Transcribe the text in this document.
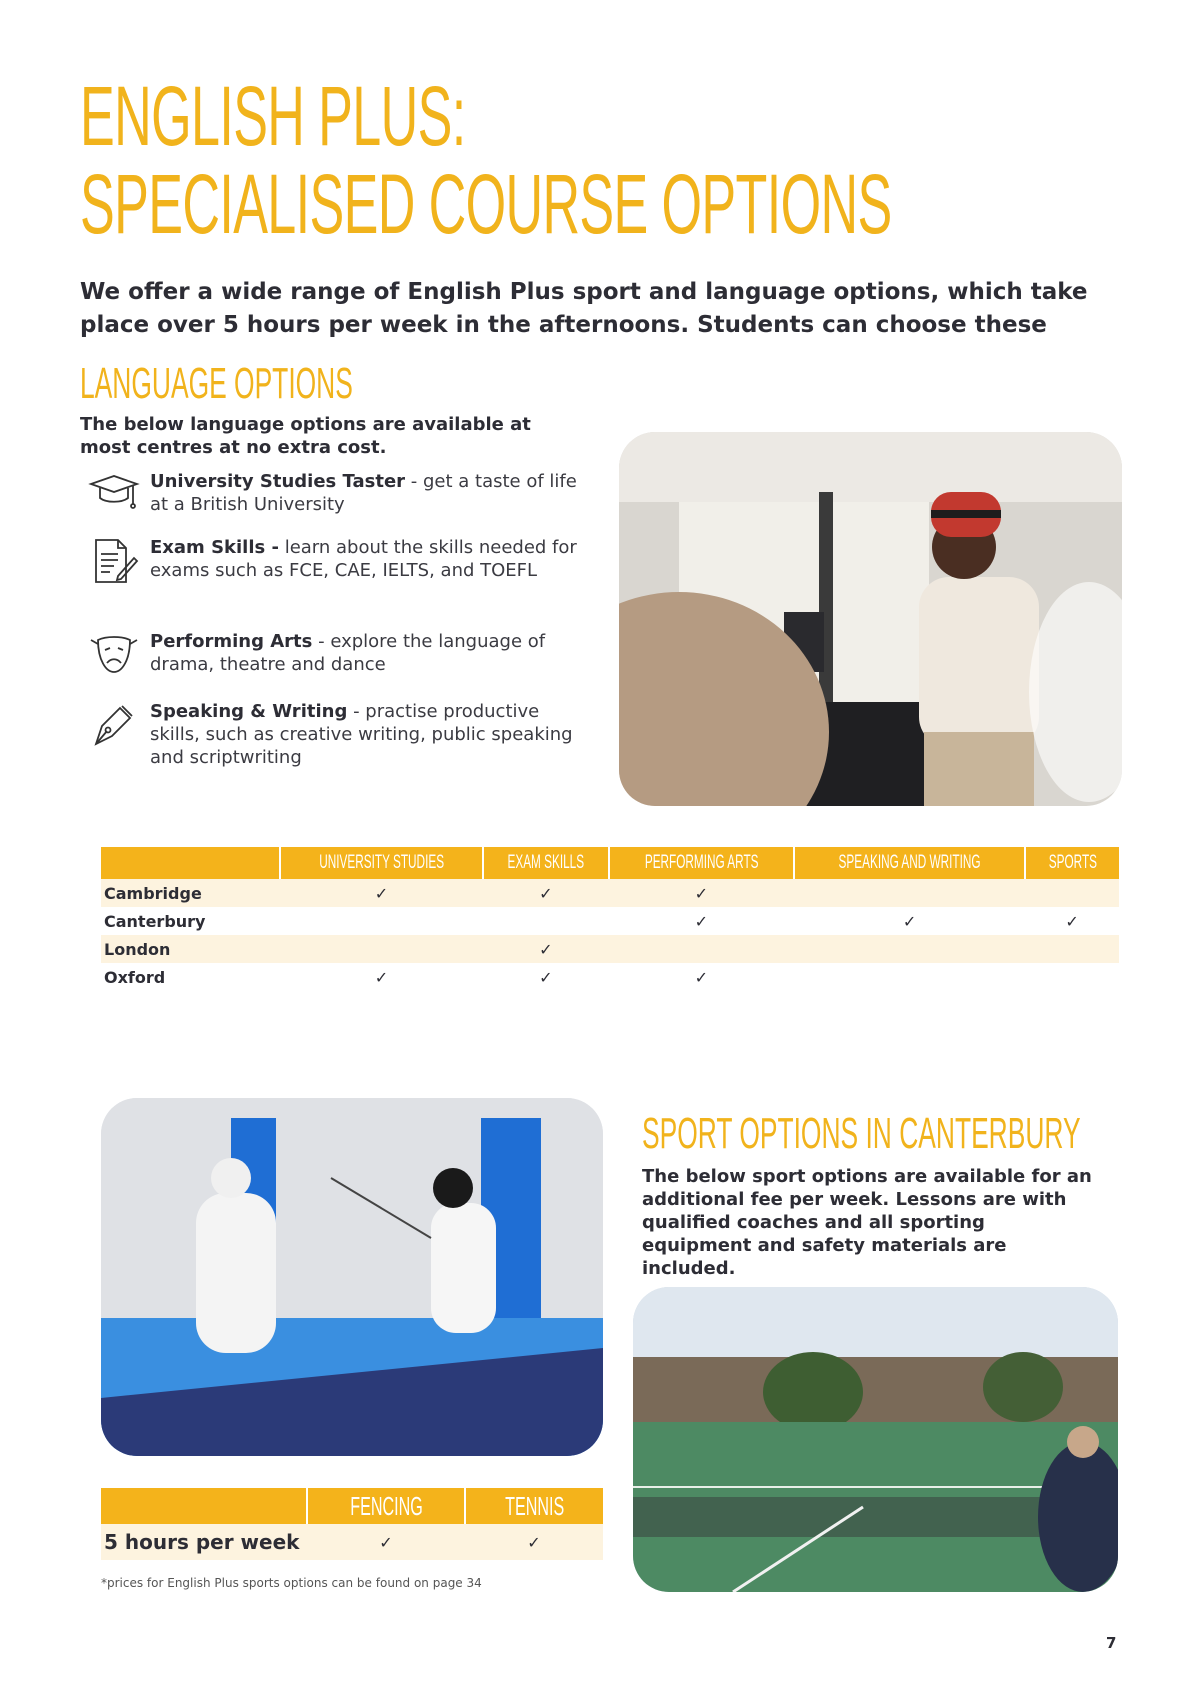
ENGLISH PLUS:
SPECIALISED COURSE OPTIONS

We offer a wide range of English Plus sport and language options, which take place over 5 hours per week in the afternoons. Students can choose these

LANGUAGE OPTIONS

The below language options are available at most centres at no extra cost.

University Studies Taster - get a taste of life at a British University

Exam Skills - learn about the skills needed for exams such as FCE, CAE, IELTS, and TOEFL

Performing Arts - explore the language of drama, theatre and dance

Speaking & Writing - practise productive skills, such as creative writing, public speaking and scriptwriting

	UNIVERSITY STUDIES	EXAM SKILLS	PERFORMING ARTS	SPEAKING AND WRITING	SPORTS
Cambridge	✓	✓	✓		
Canterbury			✓	✓	✓
London		✓			
Oxford	✓	✓	✓		
SPORT OPTIONS IN CANTERBURY

The below sport options are available for an additional fee per week. Lessons are with qualified coaches and all sporting equipment and safety materials are included.

	FENCING	TENNIS
5 hours per week	✓	✓

*prices for English Plus sports options can be found on page 34

7
